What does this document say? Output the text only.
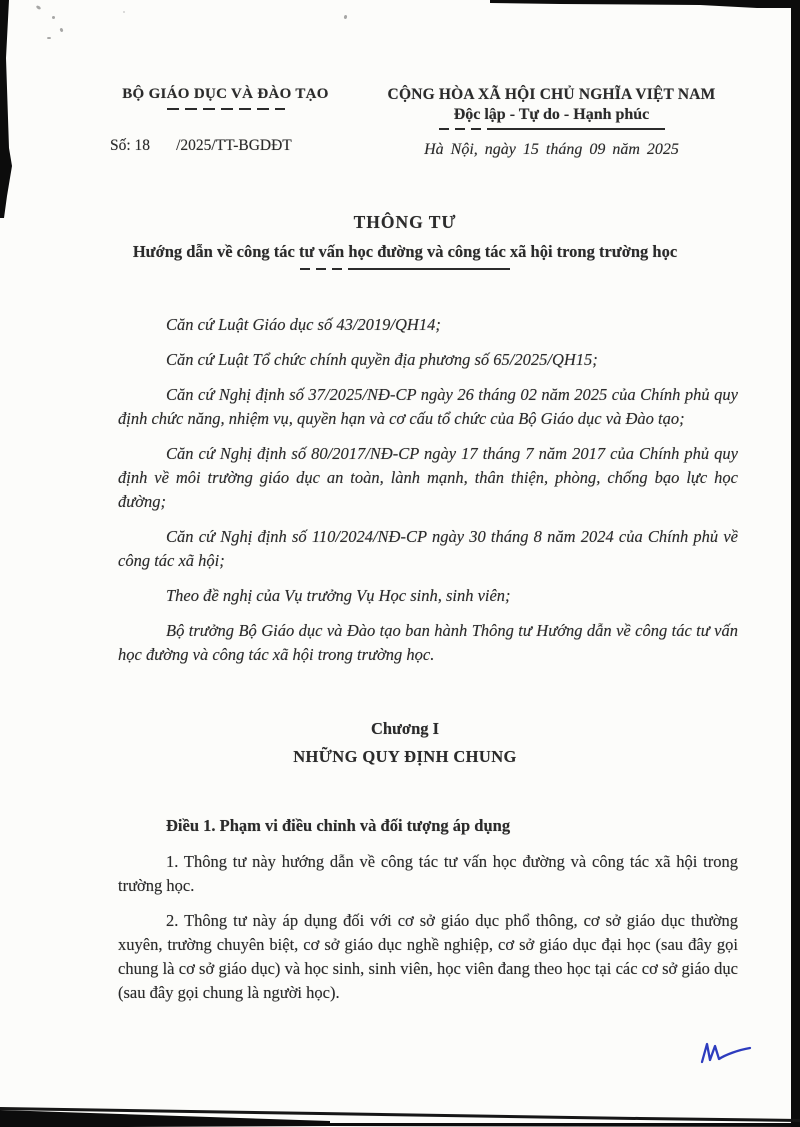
BỘ GIÁO DỤC VÀ ĐÀO TẠO
Số: 18 /2025/TT-BGDĐT
CỘNG HÒA XÃ HỘI CHỦ NGHĨA VIỆT NAM
Độc lập - Tự do - Hạnh phúc
Hà Nội, ngày 15 tháng 09 năm 2025
THÔNG TƯ
Hướng dẫn về công tác tư vấn học đường và công tác xã hội trong trường học

Căn cứ Luật Giáo dục số 43/2019/QH14;

Căn cứ Luật Tổ chức chính quyền địa phương số 65/2025/QH15;

Căn cứ Nghị định số 37/2025/NĐ-CP ngày 26 tháng 02 năm 2025 của Chính phủ quy định chức năng, nhiệm vụ, quyền hạn và cơ cấu tổ chức của Bộ Giáo dục và Đào tạo;

Căn cứ Nghị định số 80/2017/NĐ-CP ngày 17 tháng 7 năm 2017 của Chính phủ quy định về môi trường giáo dục an toàn, lành mạnh, thân thiện, phòng, chống bạo lực học đường;

Căn cứ Nghị định số 110/2024/NĐ-CP ngày 30 tháng 8 năm 2024 của Chính phủ về công tác xã hội;

Theo đề nghị của Vụ trưởng Vụ Học sinh, sinh viên;

Bộ trưởng Bộ Giáo dục và Đào tạo ban hành Thông tư Hướng dẫn về công tác tư vấn học đường và công tác xã hội trong trường học.

Chương I
NHỮNG QUY ĐỊNH CHUNG
Điều 1. Phạm vi điều chỉnh và đối tượng áp dụng

1. Thông tư này hướng dẫn về công tác tư vấn học đường và công tác xã hội trong trường học.

2. Thông tư này áp dụng đối với cơ sở giáo dục phổ thông, cơ sở giáo dục thường xuyên, trường chuyên biệt, cơ sở giáo dục nghề nghiệp, cơ sở giáo dục đại học (sau đây gọi chung là cơ sở giáo dục) và học sinh, sinh viên, học viên đang theo học tại các cơ sở giáo dục (sau đây gọi chung là người học).
